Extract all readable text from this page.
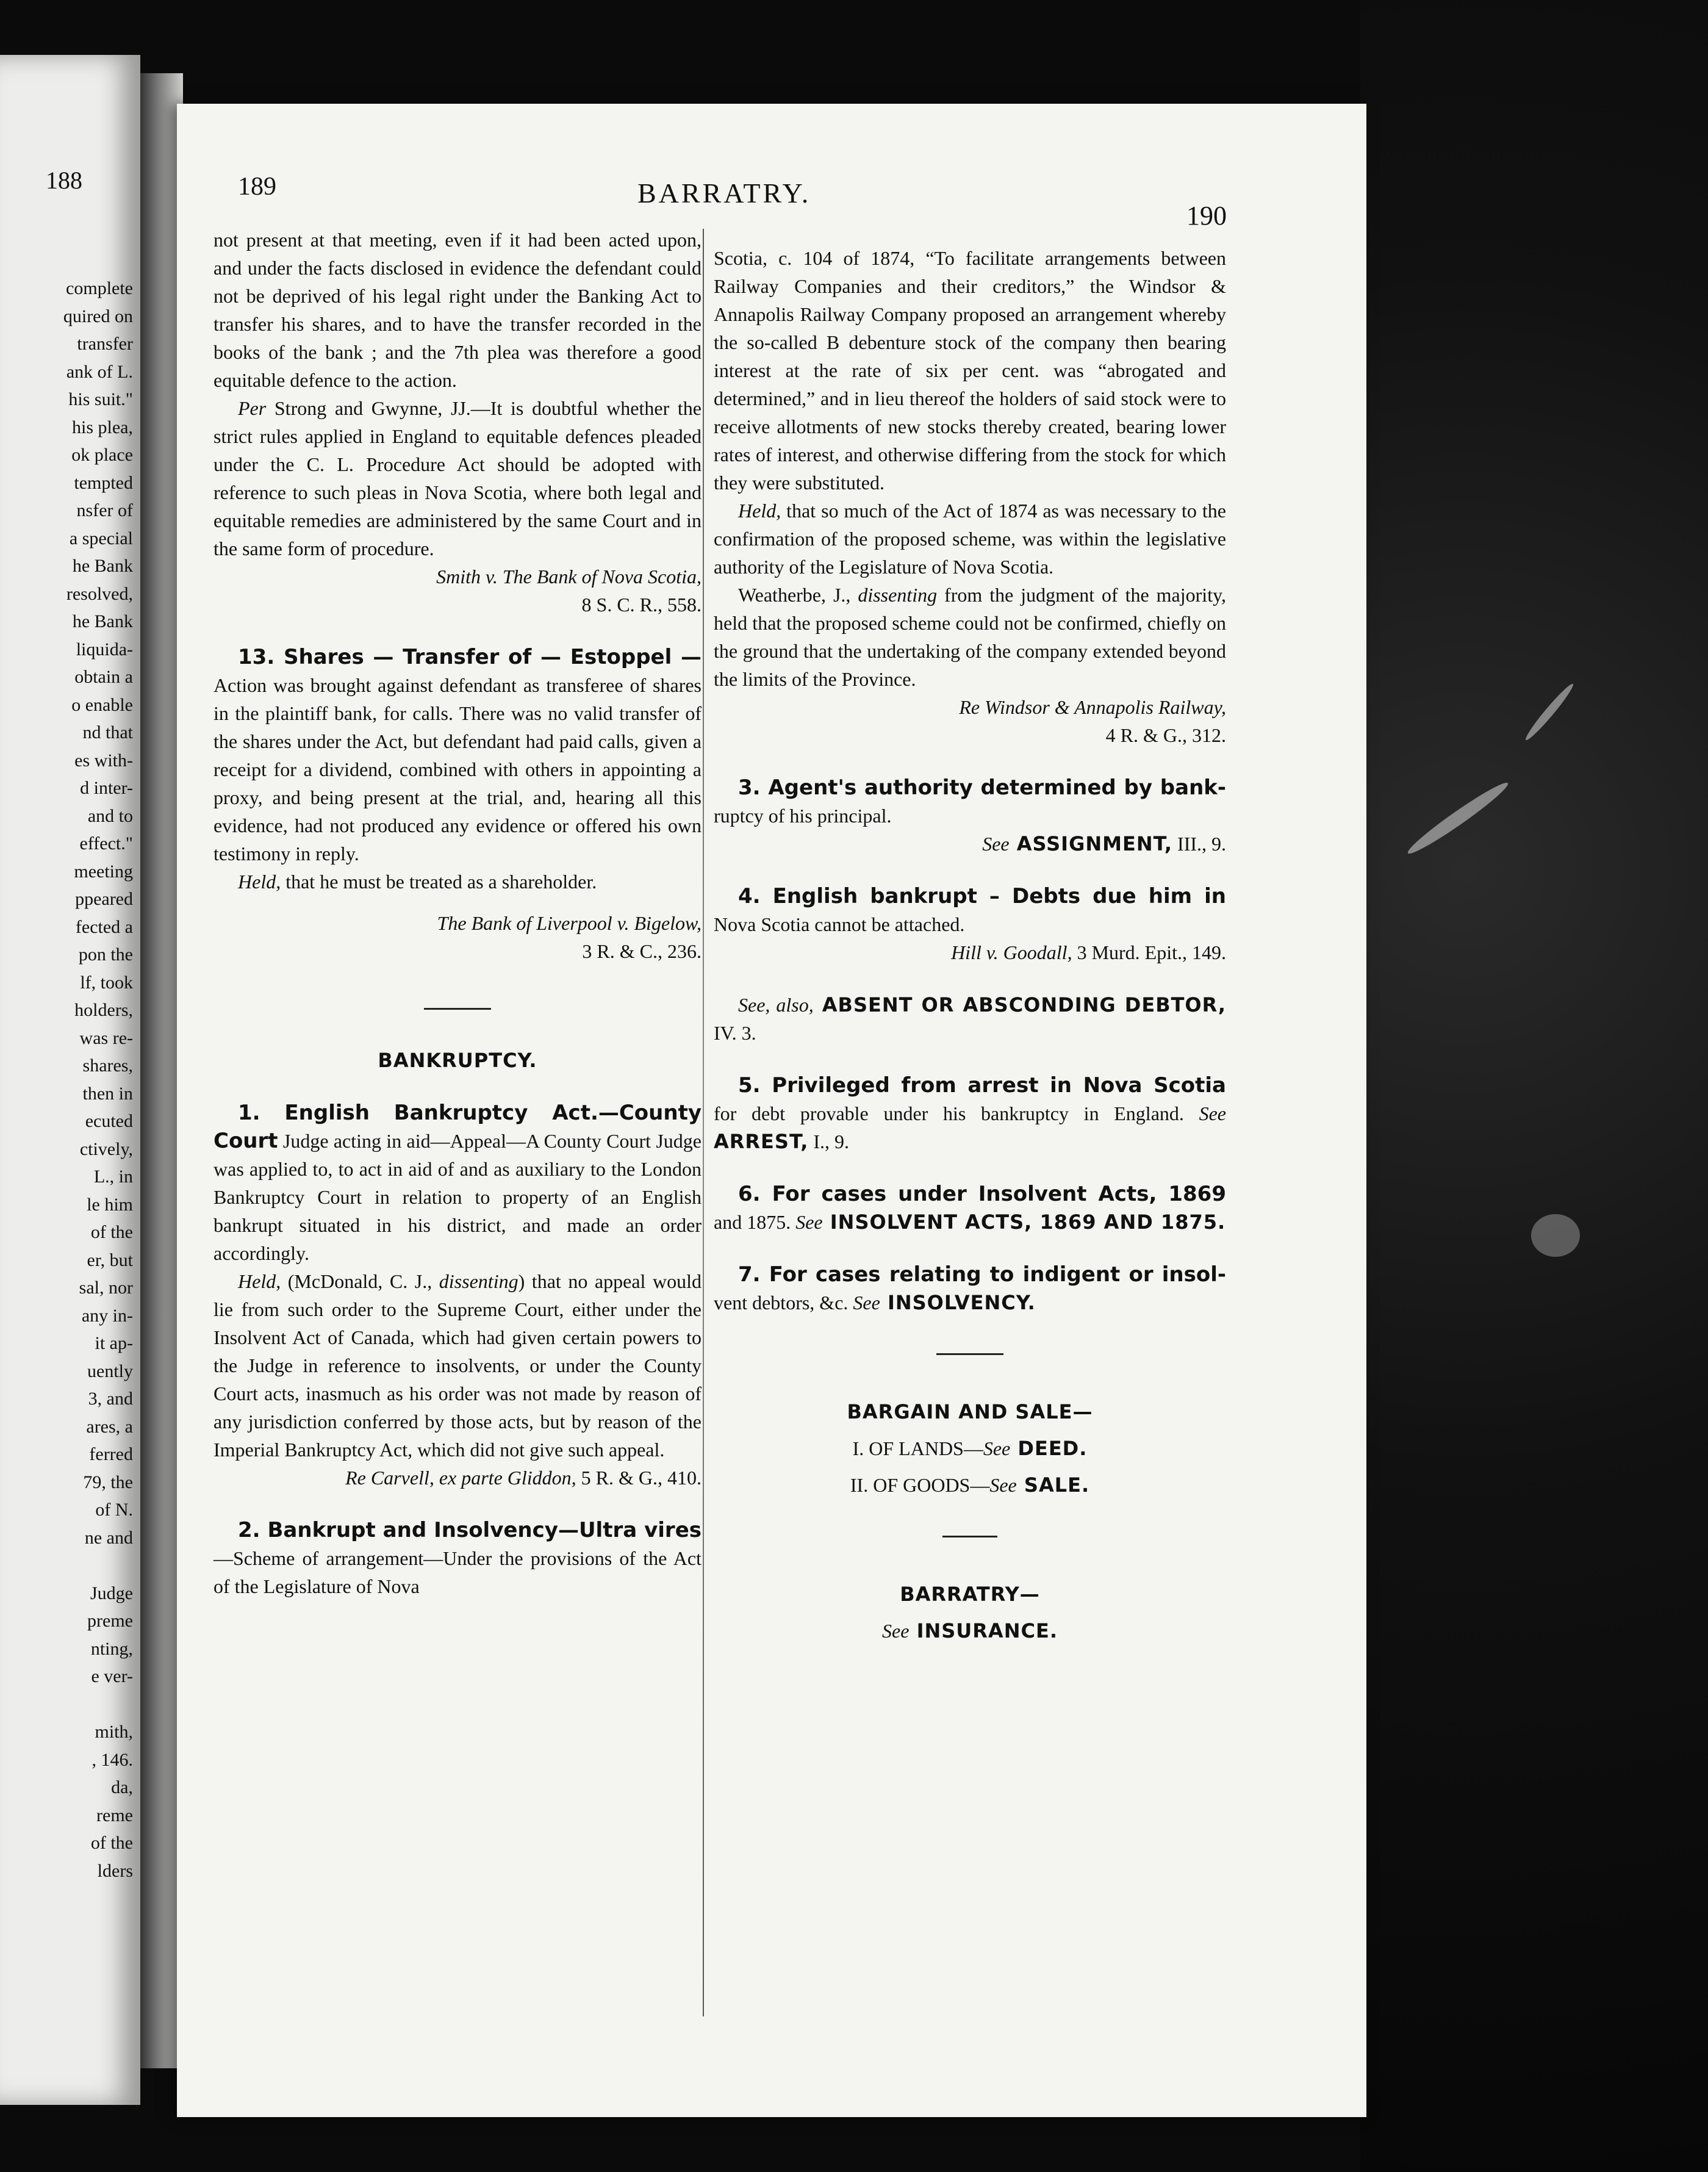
188
complete
quired on
transfer
ank of L.
his suit."
his plea,
ok place
tempted
nsfer of
a special
he Bank
resolved,
he Bank
liquida-
obtain a
o enable
nd that
es with-
d inter-
and to
effect."
meeting
ppeared
fected a
pon the
lf, took
holders,
was re-
shares,
then in
ecuted
ctively,
L., in
le him
of the
er, but
sal, nor
any in-
it ap-
uently
3, and
ares, a
ferred
79, the
of N.
ne and

Judge
preme
nting,
e ver-

mith,
, 146.
da,
reme
of the
lders
189	BARRATRY.
190

not present at that meeting, even if it had been acted upon, and under the facts disclosed in evidence the defendant could not be deprived of his legal right under the Banking Act to transfer his shares, and to have the transfer recorded in the books of the bank ; and the 7th plea was therefore a good equitable defence to the action.

Per Strong and Gwynne, JJ.—It is doubtful whether the strict rules applied in England to equitable defences pleaded under the C. L. Procedure Act should be adopted with reference to such pleas in Nova Scotia, where both legal and equitable remedies are administered by the same Court and in the same form of procedure.

Smith v. The Bank of Nova Scotia,

8 S. C. R., 558.

13. Shares — Transfer of — Estoppel — Action was brought against defendant as transferee of shares in the plaintiff bank, for calls. There was no valid transfer of the shares under the Act, but defendant had paid calls, given a receipt for a dividend, combined with others in appointing a proxy, and being present at the trial, and, hearing all this evidence, had not produced any evidence or offered his own testimony in reply.

Held, that he must be treated as a shareholder.

The Bank of Liverpool v. Bigelow,

3 R. & C., 236.

BANKRUPTCY.

1. English Bankruptcy Act.—County Court Judge acting in aid—Appeal—A County Court Judge was applied to, to act in aid of and as auxiliary to the London Bankruptcy Court in relation to property of an English bankrupt situated in his district, and made an order accordingly.

Held, (McDonald, C. J., dissenting) that no appeal would lie from such order to the Supreme Court, either under the Insolvent Act of Canada, which had given certain powers to the Judge in reference to insolvents, or under the County Court acts, inasmuch as his order was not made by reason of any jurisdiction conferred by those acts, but by reason of the Imperial Bankruptcy Act, which did not give such appeal.

Re Carvell, ex parte Gliddon, 5 R. & G., 410.

2. Bankrupt and Insolvency—Ultra vires —Scheme of arrangement—Under the provisions of the Act of the Legislature of Nova

Scotia, c. 104 of 1874, “To facilitate arrangements between Railway Companies and their creditors,” the Windsor & Annapolis Railway Company proposed an arrangement whereby the so-called B debenture stock of the company then bearing interest at the rate of six per cent. was “abrogated and determined,” and in lieu thereof the holders of said stock were to receive allotments of new stocks thereby created, bearing lower rates of interest, and otherwise differing from the stock for which they were substituted.

Held, that so much of the Act of 1874 as was necessary to the confirmation of the proposed scheme, was within the legislative authority of the Legislature of Nova Scotia.

Weatherbe, J., dissenting from the judgment of the majority, held that the proposed scheme could not be confirmed, chiefly on the ground that the undertaking of the company extended beyond the limits of the Province.

Re Windsor & Annapolis Railway,

4 R. & G., 312.

3. Agent's authority determined by bank- ruptcy of his principal.

See ASSIGNMENT, III., 9.

4. English bankrupt – Debts due him in Nova Scotia cannot be attached.

Hill v. Goodall, 3 Murd. Epit., 149.

See, also, ABSENT OR ABSCONDING DEBTOR, IV. 3.

5. Privileged from arrest in Nova Scotia for debt provable under his bankruptcy in England. See ARREST, I., 9.

6. For cases under Insolvent Acts, 1869 and 1875. See INSOLVENT ACTS, 1869 AND 1875.

7. For cases relating to indigent or insol- vent debtors, &c. See INSOLVENCY.

BARGAIN AND SALE—

I. OF LANDS—See DEED.

II. OF GOODS—See SALE.

BARRATRY—

See INSURANCE.
